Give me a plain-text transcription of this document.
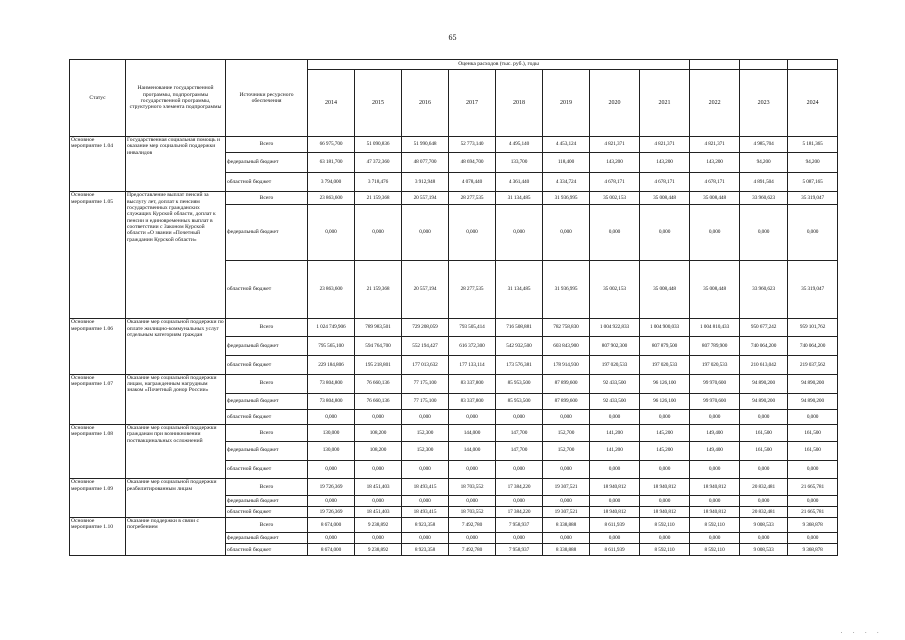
65
Статус	Наименование государственной программы, подпрограммы государственной программы, структурного элемента подпрограммы	Источники ресурсного обеспечения	Оценка расходов (тыс. руб.), годы										
			2014	2015	2016	2017	2018	2019	2020	2021	2022	2023	2024
Основное мероприятие 1.04	Государственная социальная помощь и оказание мер социальной поддержки инвалидов	Всего	66 975,700	51 090,836	51 990,648	52 773,140	4 495,140	4 453,124	4 821,371	4 821,371	4 821,371	4 985,704	5 181,365
		федеральный бюджет	63 181,700	47 372,360	48 077,700	48 694,700	133,700	118,400	143,200	143,200	143,200	94,200	94,200
		областной бюджет	3 794,000	3 718,476	3 912,948	4 078,440	4 361,440	4 334,724	4 678,171	4 678,171	4 678,171	4 891,504	5 087,165
Основное мероприятие 1.05	Предоставление выплат пенсий за выслугу лет, доплат к пенсиям государственных гражданских служащих Курской области, доплат к пенсии и единовременных выплат в соответствии с Законом Курской области «О звании «Почетный гражданин Курской области»	Всего	23 863,600	21 159,368	20 557,194	28 277,535	31 134,485	31 936,995	35 002,153	35 008,448	35 008,448	33 960,623	35 319,047
		федеральный бюджет	0,000	0,000	0,000	0,000	0,000	0,000	0,000	0,000	0,000	0,000	0,000
		областной бюджет	23 863,600	21 159,368	20 557,194	28 277,535	31 134,485	31 936,995	35 002,153	35 008,448	35 008,448	33 960,623	35 319,047
Основное мероприятие 1.06	Оказание мер социальной поддержки по оплате жилищно-коммунальных услуг отдельным категориям граждан	Всего	1 024 749,906	789 983,501	729 208,059	793 505,414	716 508,881	782 758,830	1 004 922,833	1 004 900,033	1 004 810,433	950 677,242	959 101,762
		федеральный бюджет	795 565,100	594 764,700	552 194,427	616 372,300	542 932,500	603 843,900	807 902,300	807 879,500	807 789,900	740 064,200	740 064,200
		областной бюджет	229 184,806	195 218,801	177 013,632	177 133,114	173 576,381	178 914,930	197 020,533	197 020,533	197 020,533	210 613,042	219 037,562
Основное мероприятие 1.07	Оказание мер социальной поддержки лицам, награжденным нагрудным знаком «Почетный донор России»	Всего	73 804,800	76 660,136	77 175,100	83 337,800	85 953,500	87 899,600	92 433,500	96 126,100	99 970,600	94 890,200	94 890,200
		федеральный бюджет	73 804,800	76 660,136	77 175,100	83 337,800	85 953,500	87 899,600	92 433,500	96 126,100	99 970,600	94 890,200	94 890,200
		областной бюджет	0,000	0,000	0,000	0,000	0,000	0,000	0,000	0,000	0,000	0,000	0,000
Основное мероприятие 1.08	Оказание мер социальной поддержки гражданам при возникновении поствакцинальных осложнений	Всего	130,000	108,200	152,300	144,000	147,700	152,700	141,200	145,200	149,400	161,500	161,500
		федеральный бюджет	130,000	108,200	152,300	144,000	147,700	152,700	141,200	145,200	149,400	161,500	161,500
		областной бюджет	0,000	0,000	0,000	0,000	0,000	0,000	0,000	0,000	0,000	0,000	0,000
Основное мероприятие 1.09	Оказание мер социальной поддержки реабилитированным лицам	Всего	19 726,369	18 451,403	18 493,415	18 703,552	17 384,220	19 307,521	18 940,812	18 940,812	18 940,812	20 832,481	21 665,781
		федеральный бюджет	0,000	0,000	0,000	0,000	0,000	0,000	0,000	0,000	0,000	0,000	0,000
		областной бюджет	19 726,369	18 451,403	18 493,415	18 703,552	17 384,220	19 307,521	18 940,812	18 940,812	18 940,812	20 832,481	21 665,781
Основное мероприятие 1.10	Оказание поддержки в связи с погребением	Всего	8 674,000	9 238,892	8 923,358	7 492,780	7 958,937	8 338,888	8 611,939	8 592,110	8 592,110	9 008,533	9 368,878
		федеральный бюджет	0,000	0,000	0,000	0,000	0,000	0,000	0,000	0,000	0,000	0,000	0,000
		областной бюджет	8 674,000	9 238,892	8 923,358	7 492,780	7 958,937	8 338,888	8 611,939	8 592,110	8 592,110	9 008,533	9 368,878
· · · ·
